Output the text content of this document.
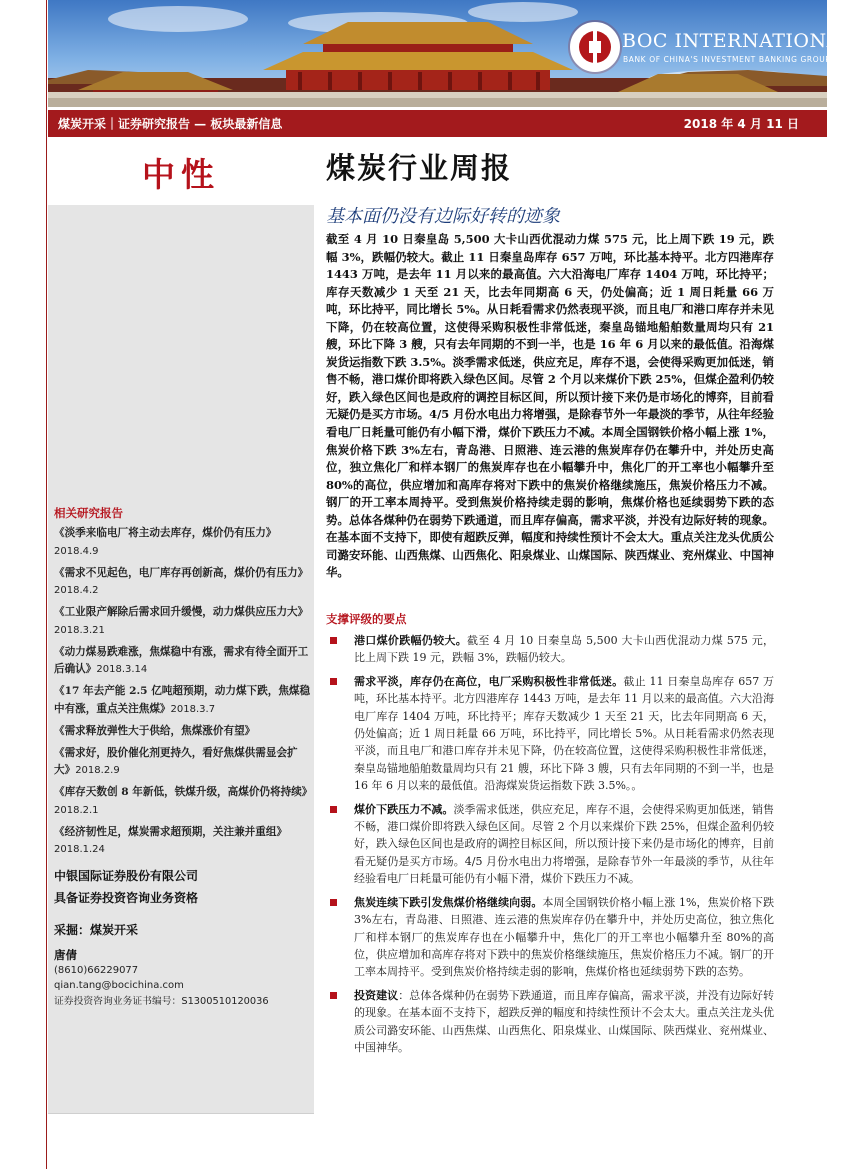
BOC INTERNATIONAL
BANK OF CHINA'S INVESTMENT BANKING GROUP
煤炭开采｜证券研究报告 — 板块最新信息	2018 年 4 月 11 日
中性
相关研究报告
《淡季来临电厂将主动去库存，煤价仍有压力》2018.4.9
《需求不见起色，电厂库存再创新高，煤价仍有压力》2018.4.2
《工业限产解除后需求回升缓慢，动力煤供应压力大》2018.3.21
《动力煤易跌难涨，焦煤稳中有涨，需求有待全面开工后确认》2018.3.14
《17 年去产能 2.5 亿吨超预期，动力煤下跌，焦煤稳中有涨，重点关注焦煤》2018.3.7
《需求释放弹性大于供给，焦煤涨价有望》
《需求好，股价催化剂更持久，看好焦煤供需显会扩大》2018.2.9
《库存天数创 8 年新低，铁煤升级，高煤价仍将持续》2018.2.1
《经济韧性足，煤炭需求超预期，关注兼并重组》2018.1.24
中银国际证券股份有限公司
具备证券投资咨询业务资格
采掘：煤炭开采
唐倩
(8610)66229077
qian.tang@bocichina.com
证券投资咨询业务证书编号：S1300510120036
煤炭行业周报
基本面仍没有边际好转的迹象

截至 4 月 10 日秦皇岛 5,500 大卡山西优混动力煤 575 元，比上周下跌 19 元，跌幅 3%，跌幅仍较大。截止 11 日秦皇岛库存 657 万吨，环比基本持平。北方四港库存 1443 万吨，是去年 11 月以来的最高值。六大沿海电厂库存 1404 万吨，环比持平；库存天数减少 1 天至 21 天，比去年同期高 6 天，仍处偏高；近 1 周日耗量 66 万吨，环比持平，同比增长 5%。从日耗看需求仍然表现平淡，而且电厂和港口库存并未见下降，仍在较高位置，这使得采购积极性非常低迷，秦皇岛锚地船舶数量周均只有 21 艘，环比下降 3 艘，只有去年同期的不到一半，也是 16 年 6 月以来的最低值。沿海煤炭货运指数下跌 3.5%。淡季需求低迷，供应充足，库存不退，会使得采购更加低迷，销售不畅，港口煤价即将跌入绿色区间。尽管 2 个月以来煤价下跌 25%，但煤企盈利仍较好，跌入绿色区间也是政府的调控目标区间，所以预计接下来仍是市场化的博弈，目前看无疑仍是买方市场。4/5 月份水电出力将增强，是除春节外一年最淡的季节，从往年经验看电厂日耗量可能仍有小幅下滑，煤价下跌压力不减。本周全国钢铁价格小幅上涨 1%，焦炭价格下跌 3%左右，青岛港、日照港、连云港的焦炭库存仍在攀升中，并处历史高位，独立焦化厂和样本钢厂的焦炭库存也在小幅攀升中，焦化厂的开工率也小幅攀升至 80%的高位，供应增加和高库存将对下跌中的焦炭价格继续施压，焦炭价格压力不减。钢厂的开工率本周持平。受到焦炭价格持续走弱的影响，焦煤价格也延续弱势下跌的态势。总体各煤种仍在弱势下跌通道，而且库存偏高，需求平淡，并没有边际好转的现象。在基本面不支持下，即使有超跌反弹，幅度和持续性预计不会太大。重点关注龙头优质公司潞安环能、山西焦煤、山西焦化、阳泉煤业、山煤国际、陕西煤业、兖州煤业、中国神华。

支撑评级的要点
港口煤价跌幅仍较大。截至 4 月 10 日秦皇岛 5,500 大卡山西优混动力煤 575 元，比上周下跌 19 元，跌幅 3%，跌幅仍较大。
需求平淡，库存仍在高位，电厂采购积极性非常低迷。截止 11 日秦皇岛库存 657 万吨，环比基本持平。北方四港库存 1443 万吨，是去年 11 月以来的最高值。六大沿海电厂库存 1404 万吨，环比持平；库存天数减少 1 天至 21 天，比去年同期高 6 天，仍处偏高；近 1 周日耗量 66 万吨，环比持平，同比增长 5%。从日耗看需求仍然表现平淡，而且电厂和港口库存并未见下降，仍在较高位置，这使得采购积极性非常低迷，秦皇岛锚地船舶数量周均只有 21 艘，环比下降 3 艘，只有去年同期的不到一半，也是 16 年 6 月以来的最低值。沿海煤炭货运指数下跌 3.5%。。
煤价下跌压力不减。淡季需求低迷，供应充足，库存不退，会使得采购更加低迷，销售不畅，港口煤价即将跌入绿色区间。尽管 2 个月以来煤价下跌 25%，但煤企盈利仍较好，跌入绿色区间也是政府的调控目标区间，所以预计接下来仍是市场化的博弈，目前看无疑仍是买方市场。4/5 月份水电出力将增强，是除春节外一年最淡的季节，从往年经验看电厂日耗量可能仍有小幅下滑，煤价下跌压力不减。
焦炭连续下跌引发焦煤价格继续向弱。本周全国钢铁价格小幅上涨 1%，焦炭价格下跌 3%左右，青岛港、日照港、连云港的焦炭库存仍在攀升中，并处历史高位，独立焦化厂和样本钢厂的焦炭库存也在小幅攀升中，焦化厂的开工率也小幅攀升至 80%的高位，供应增加和高库存将对下跌中的焦炭价格继续施压，焦炭价格压力不减。钢厂的开工率本周持平。受到焦炭价格持续走弱的影响，焦煤价格也延续弱势下跌的态势。
投资建议：总体各煤种仍在弱势下跌通道，而且库存偏高，需求平淡，并没有边际好转的现象。在基本面不支持下，超跌反弹的幅度和持续性预计不会太大。重点关注龙头优质公司潞安环能、山西焦煤、山西焦化、阳泉煤业、山煤国际、陕西煤业、兖州煤业、中国神华。
